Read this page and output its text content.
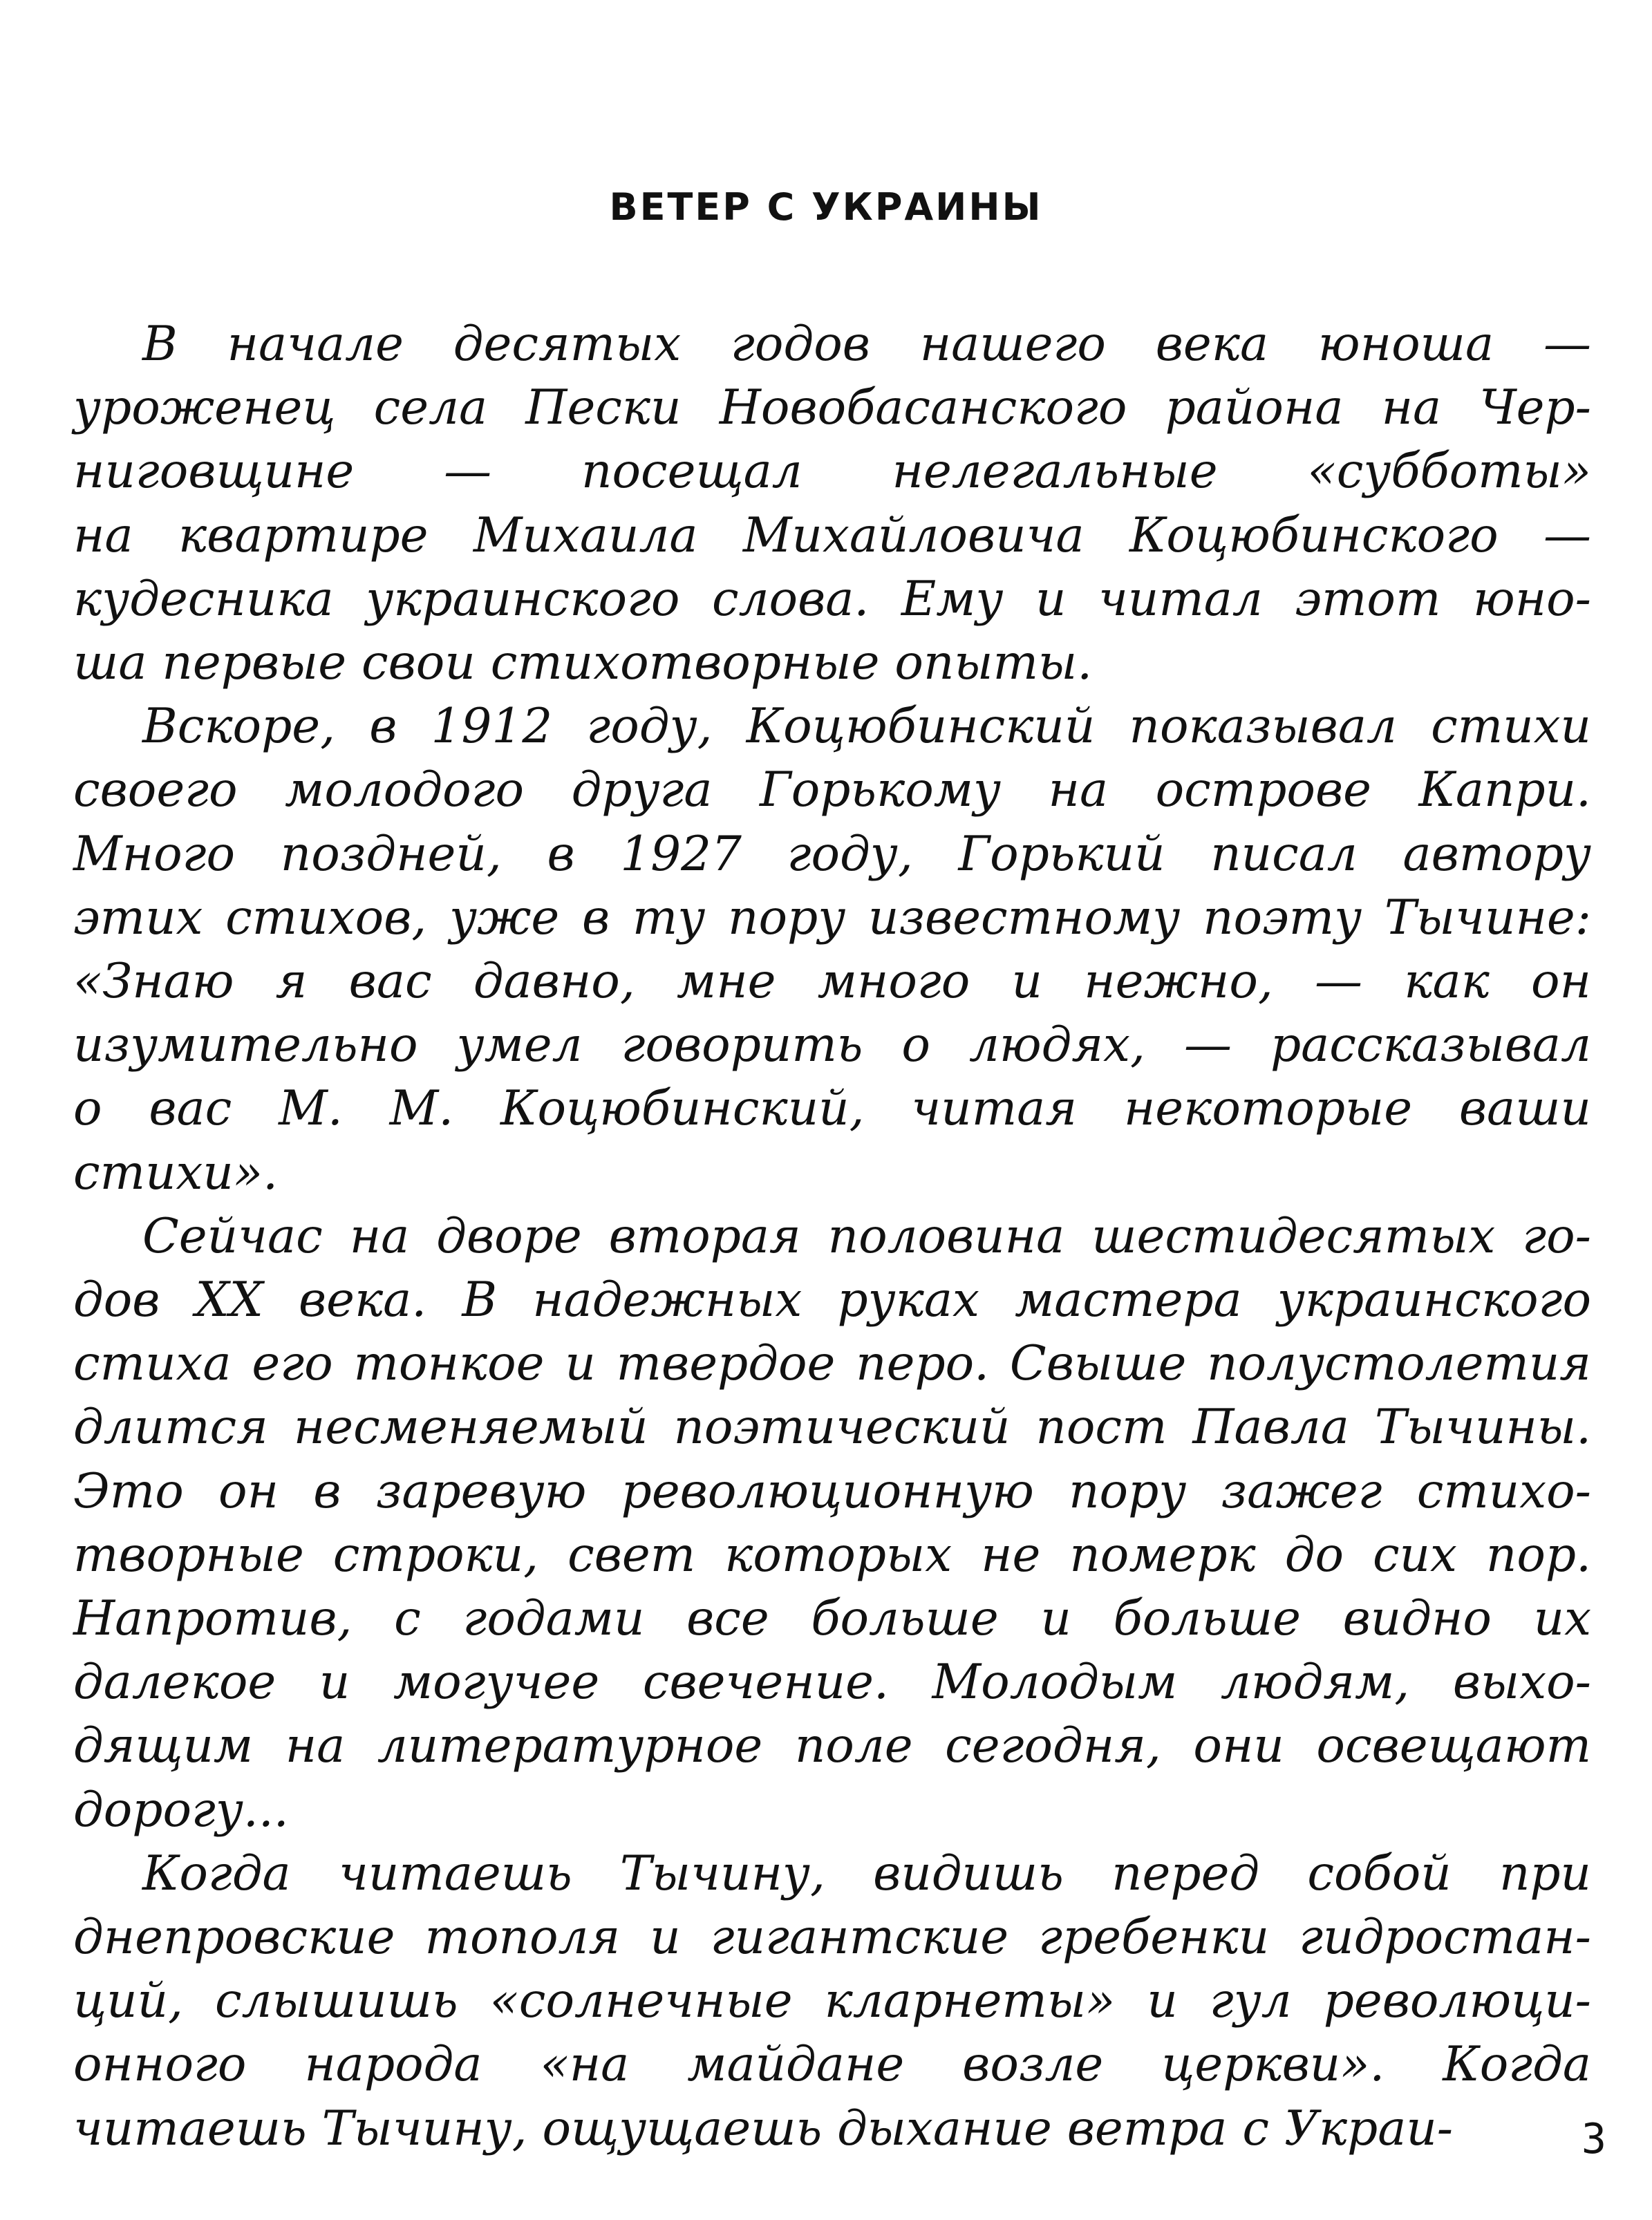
ВЕТЕР С УКРАИНЫ

В начале десятых годов нашего века юноша —
уроженец села Пески Новобасанского района на Чер-
ниговщине — посещал нелегальные «субботы»
на квартире Михаила Михайловича Коцюбинского —
кудесника украинского слова. Ему и читал этот юно-
ша первые свои стихотворные опыты.

Вскоре, в 1912 году, Коцюбинский показывал стихи
своего молодого друга Горькому на острове Капри.
Много поздней, в 1927 году, Горький писал автору
этих стихов, уже в ту пору известному поэту Тычине:
«Знаю я вас давно, мне много и нежно, — как он
изумительно умел говорить о людях, — рассказывал
о вас М. М. Коцюбинский, читая некоторые ваши
стихи».

Сейчас на дворе вторая половина шестидесятых го-
дов XX века. В надежных руках мастера украинского
стиха его тонкое и твердое перо. Свыше полустолетия
длится несменяемый поэтический пост Павла Тычины.
Это он в заревую революционную пору зажег стихо-
творные строки, свет которых не померк до сих пор.
Напротив, с годами все больше и больше видно их
далекое и могучее свечение. Молодым людям, выхо-
дящим на литературное поле сегодня, они освещают
дорогу...

Когда читаешь Тычину, видишь перед собой при
днепровские тополя и гигантские гребенки гидростан-
ций, слышишь «солнечные кларнеты» и гул революци-
онного народа «на майдане возле церкви». Когда
читаешь Тычину, ощущаешь дыхание ветра с Украи-	3
